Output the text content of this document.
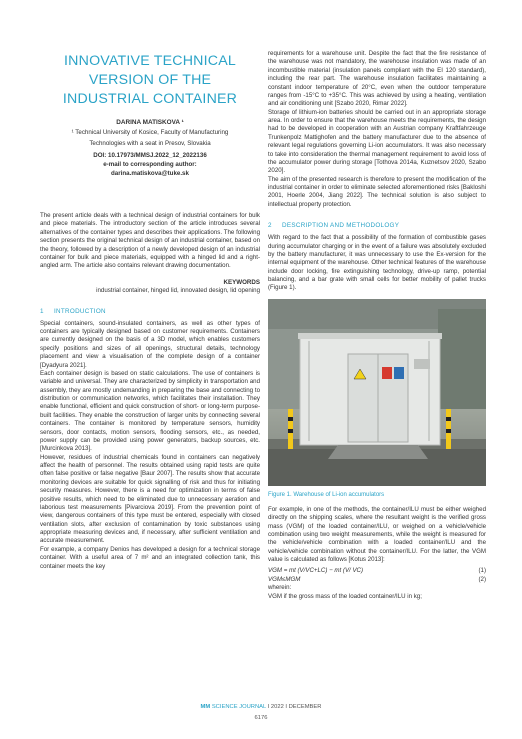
INNOVATIVE TECHNICAL
VERSION OF THE
INDUSTRIAL CONTAINER
DARINA MATISKOVA ¹
¹ Technical University of Kosice, Faculty of Manufacturing
Technologies with a seat in Presov, Slovakia
DOI: 10.17973/MMSJ.2022_12_2022136
e-mail to corresponding author:
darina.matiskova@tuke.sk

The present article deals with a technical design of industrial containers for bulk and piece materials. The introductory section of the article introduces several alternatives of the container types and describes their applications. The following section presents the original technical design of an industrial container, based on the theory, followed by a description of a newly developed design of an industrial container for bulk and piece materials, equipped with a hinged lid and a right-angled arm. The article also contains relevant drawing documentation.

KEYWORDS
industrial container, hinged lid, innovated design, lid opening
1 INTRODUCTION

Special containers, sound-insulated containers, as well as other types of containers are typically designed based on customer requirements. Containers are currently designed on the basis of a 3D model, which enables customers specify positions and sizes of all openings, structural details, technology placement and view a visualisation of the complete design of a container [Dyadyura 2021].

Each container design is based on static calculations. The use of containers is variable and universal. They are characterized by simplicity in transportation and assembly, they are mostly undemanding in preparing the base and connecting to distribution or communication networks, which facilitates their installation. They enable functional, efficient and quick construction of short- or long-term purpose-built facilities. They enable the construction of larger units by connecting several containers. The container is monitored by temperature sensors, humidity sensors, door contacts, motion sensors, flooding sensors, etc., as needed, power supply can be provided using power generators, backup sources, etc. [Murcinkova 2013].

However, residues of industrial chemicals found in containers can negatively affect the health of personnel. The results obtained using rapid tests are quite often false positive or false negative [Baur 2007]. The results show that accurate monitoring devices are suitable for quick signalling of risk and thus for initiating security measures. However, there is a need for optimization in terms of false positive results, which need to be eliminated due to unnecessary aeration and laborious test measurements [Pivarciova 2019]. From the prevention point of view, dangerous containers of this type must be entered, especially with closed ventilation slots, after exclusion of contamination by toxic substances using appropriate measuring devices and, if necessary, after sufficient ventilation and accurate measurement.

For example, a company Denios has developed a design for a technical storage container. With a useful area of 7 m² and an integrated collection tank, this container meets the key

requirements for a warehouse unit. Despite the fact that the fire resistance of the warehouse was not mandatory, the warehouse insulation was made of an incombustible material (insulation panels compliant with the EI 120 standard), including the rear part. The warehouse insulation facilitates maintaining a constant indoor temperature of 20°C, even when the outdoor temperature ranges from -15°C to +35°C. This was achieved by using a heating, ventilation and air conditioning unit [Szabo 2020, Rimar 2022].

Storage of lithium-ion batteries should be carried out in an appropriate storage area. In order to ensure that the warehouse meets the requirements, the design had to be developed in cooperation with an Austrian company Kraftfahrzeuge Trunkenpolz Mattighofen and the battery manufacturer due to the absence of relevant legal regulations governing Li-ion accumulators. It was also necessary to take into consideration the thermal management requirement to avoid loss of the accumulator power during storage [Tothova 2014a, Kuznetsov 2020, Szabo 2020].

The aim of the presented research is therefore to present the modification of the industrial container in order to eliminate selected aforementioned risks [Bakloshi 2001, Hoerle 2004, Jiang 2022]. The technical solution is also subject to intellectual property protection.

2 DESCRIPTION AND METHODOLOGY

With regard to the fact that a possibility of the formation of combustible gases during accumulator charging or in the event of a failure was absolutely excluded by the battery manufacturer, it was unnecessary to use the Ex-version for the internal equipment of the warehouse. Other technical features of the warehouse include door locking, fire extinguishing technology, drive-up ramp, potential balancing, and a bar grate with small cells for better mobility of pallet trucks (Figure 1).

Figure 1. Warehouse of Li-ion accumulators

For example, in one of the methods, the container/ILU must be either weighed directly on the shipping scales, where the resultant weight is the verified gross mass (VGM) of the loaded container/ILU, or weighed on a vehicle/vehicle combination using two weight measurements, while the weight is measured for the vehicle/vehicle combination with a loaded container/ILU and the vehicle/vehicle combination without the container/ILU. For the latter, the VGM value is calculated as follows [Kotus 2013]:

VGM = mt (V/VC+LC) − mt (V/ VC)	(1)
VGM≤MGM	(2)

wherein:

VGM if the gross mass of the loaded container/ILU in kg;

MM SCIENCE JOURNAL I 2022 I DECEMBER
6176
